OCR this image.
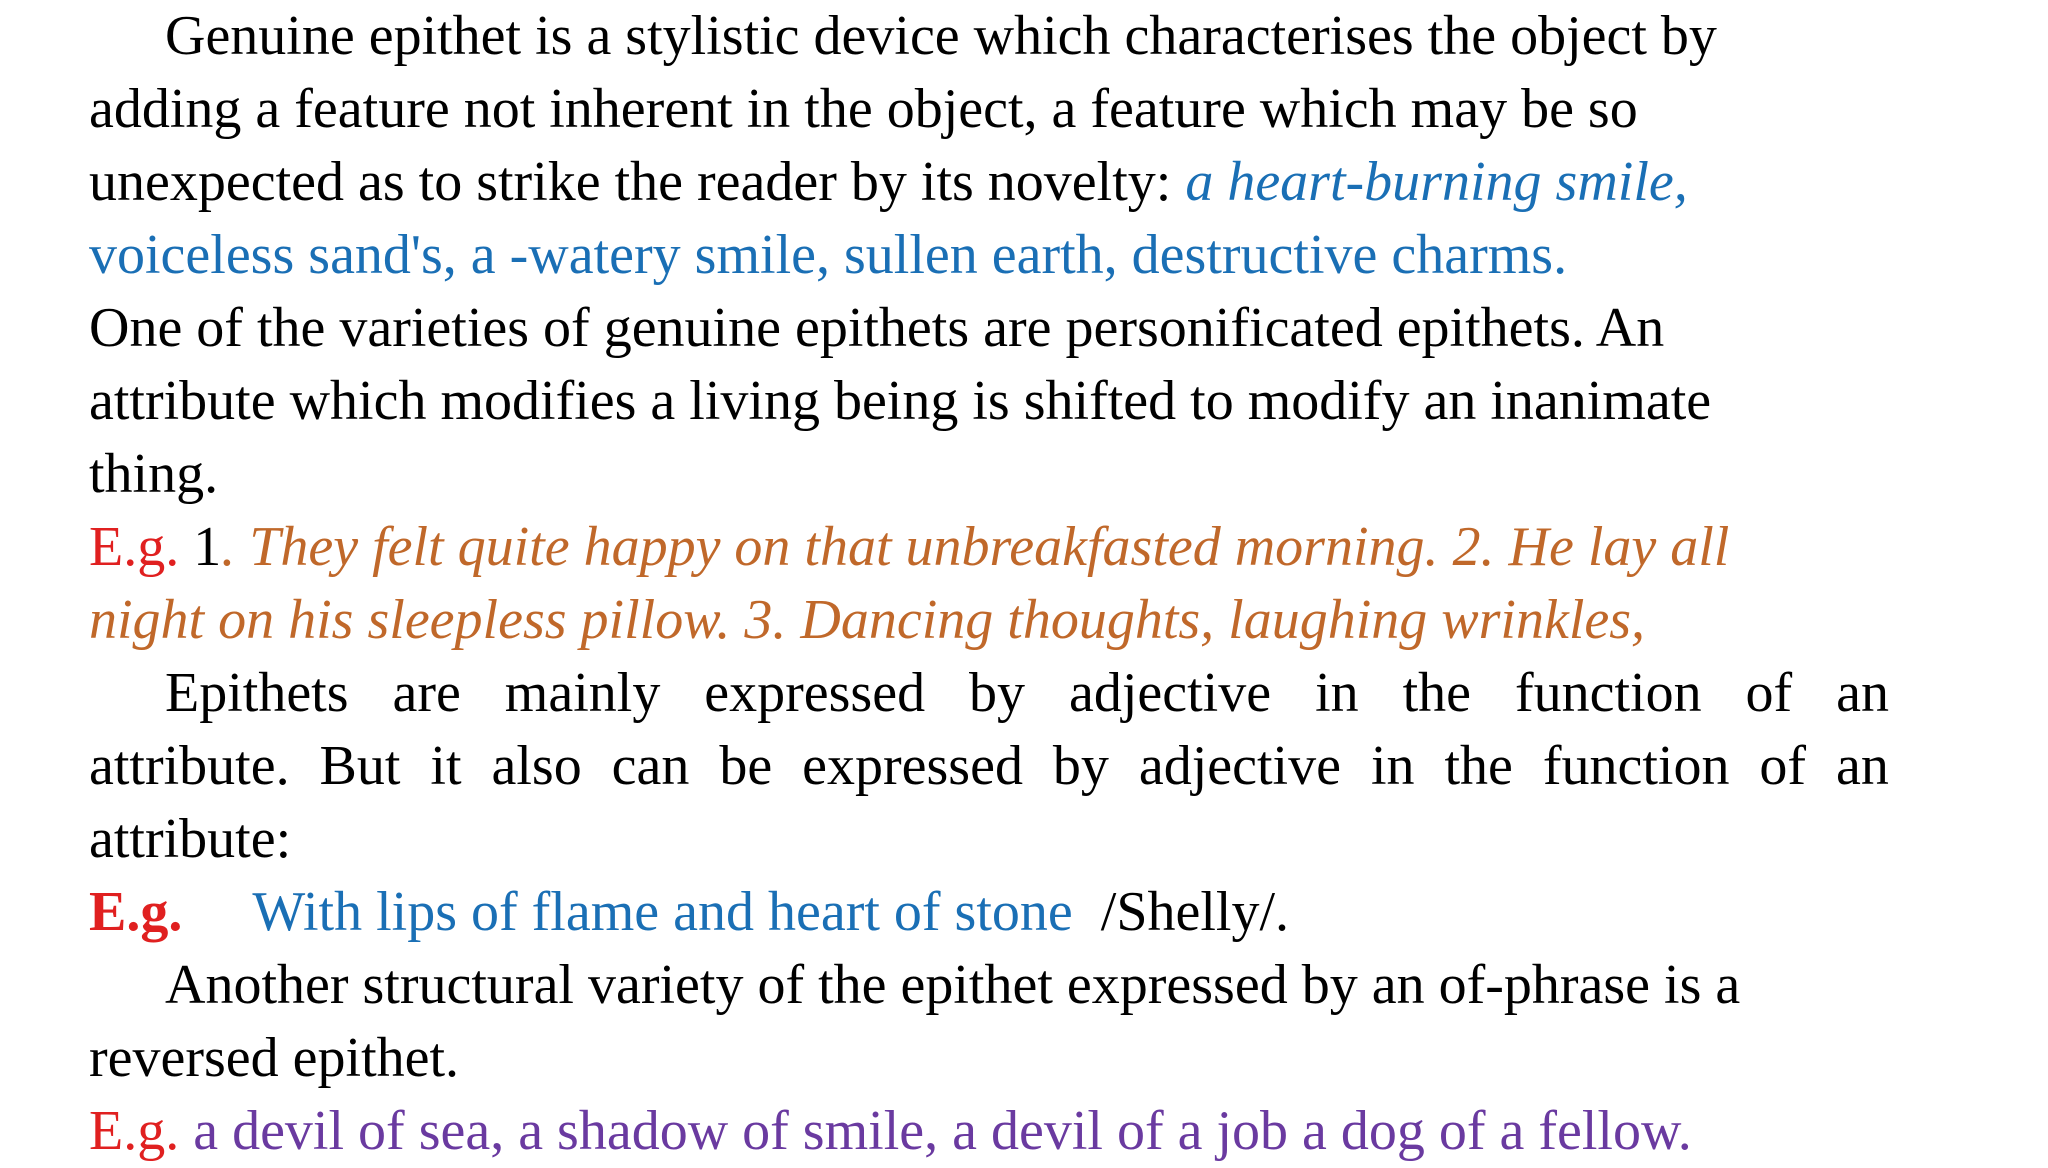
Genuine epithet is a stylistic device which characterises the object by
adding a feature not inherent in the object, a feature which may be so
unexpected as to strike the reader by its novelty: a heart-burning smile,
voiceless sand's, a -watery smile, sullen earth, destructive charms.
One of the varieties of genuine epithets are personificated epithets. An
attribute which modifies a living being is shifted to modify an inanimate
thing.
E.g. 1. They felt quite happy on that unbreakfasted morning. 2. He lay all
night on his sleepless pillow. 3. Dancing thoughts, laughing wrinkles,
Epithets are mainly expressed by adjective in the function of an
attribute. But it also can be expressed by adjective in the function of an
attribute:
E.g. With lips of flame and heart of stone /Shelly/.
Another structural variety of the epithet expressed by an of-phrase is a
reversed epithet.
E.g. a devil of sea, a shadow of smile, a devil of a job a dog of a fellow.
